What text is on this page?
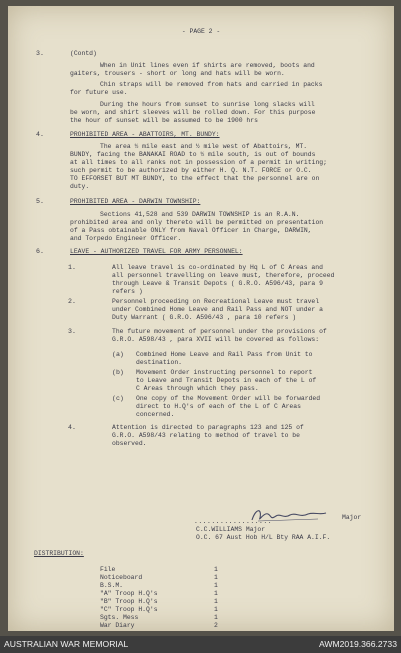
- PAGE 2 -
3.	(Contd)
When in Unit lines even if shirts are removed, boots and
gaiters, trousers - short or long and hats will be worn.
Chin straps will be removed from hats and carried in packs
for future use.
During the hours from sunset to sunrise long slacks will
be worn, and shirt sleeves will be rolled down. For this purpose
the hour of sunset will be assumed to be 1900 hrs
4.	PROHIBITED AREA - ABATTOIRS, MT. BUNDY:
The area ½ mile east and ½ mile west of Abattoirs, MT.
BUNDY, facing the BANAKAI ROAD to ½ mile south, is out of bounds
at all times to all ranks not in possession of a permit in writing;
such permit to be authorized by either H. Q. N.T. FORCE or O.C.
TO EFFORSET BUT MT BUNDY, to the effect that the personnel are on
duty.
5.	PROHIBITED AREA - DARWIN TOWNSHIP:
Sections 41,528 and 539 DARWIN TOWNSHIP is an R.A.N.
prohibited area and only thereto will be permitted on presentation
of a Pass obtainable ONLY from Naval Officer in Charge, DARWIN,
and Torpedo Engineer Officer.
6.	LEAVE - AUTHORIZED TRAVEL FOR ARMY PERSONNEL:
1.	All leave travel is co-ordinated by Hq L of C Areas and
all personnel travelling on leave must, therefore, proceed
through Leave & Transit Depots ( G.R.O. A596/43, para 9
refers )
2.	Personnel proceeding on Recreational Leave must travel
under Combined Home Leave and Rail Pass and NOT under a
Duty Warrant ( G.R.O. A596/43 , para 10 refers )
3.	The future movement of personnel under the provisions of
G.R.O. A598/43 , para XVII will be covered as follows:
(a) Combined Home Leave and Rail Pass from Unit to
destination.
(b) Movement Order instructing personnel to report
to Leave and Transit Depots in each of the L of
C Areas through which they pass.
(c) One copy of the Movement Order will be forwarded
direct to H.Q's of each of the L of C Areas
concerned.
4.	Attention is directed to paragraphs 123 and 125 of
G.R.O. A598/43 relating to method of travel to be
observed.
Major
..................
C.C.WILLIAMS Major
O.C. 67 Aust Hob H/L Bty RAA A.I.F.
DISTRIBUTION:
File	1
Noticeboard	1
B.S.M.	1
"A" Troop H.Q's	1
"B" Troop H.Q's	1
"C" Troop H.Q's	1
Sgts. Mess	1
War Diary	2
AUSTRALIAN WAR MEMORIAL	AWM2019.366.2733
